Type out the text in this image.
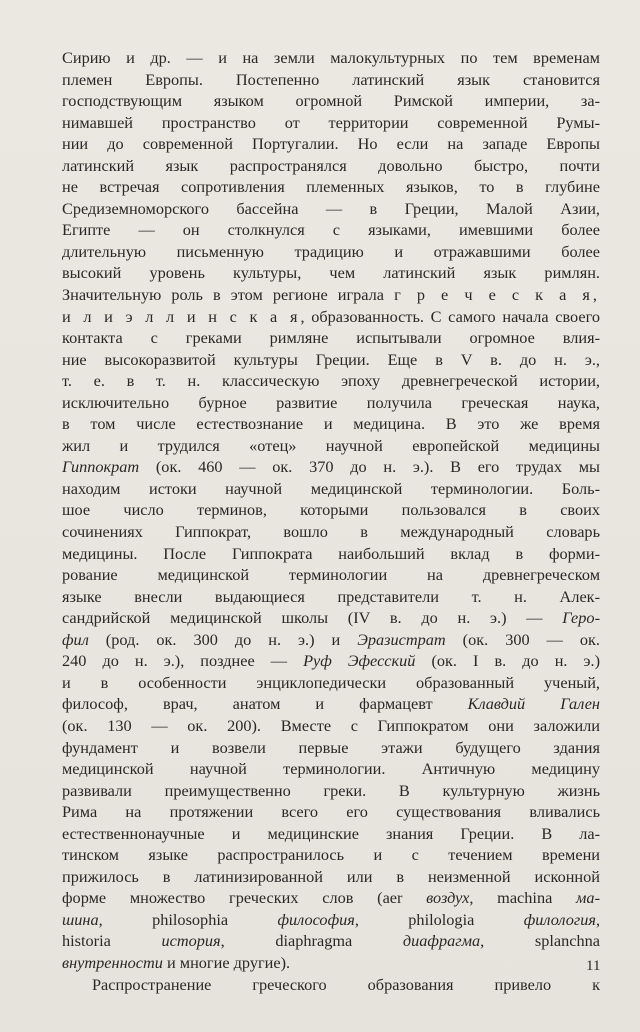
Сирию и др. — и на земли малокультурных по тем временам
племен Европы. Постепенно латинский язык становится
господствующим языком огромной Римской империи, за-
нимавшей пространство от территории современной Румы-
нии до современной Португалии. Но если на западе Европы
латинский язык распространялся довольно быстро, почти
не встречая сопротивления племенных языков, то в глубине
Средиземноморского бассейна — в Греции, Малой Азии,
Египте — он столкнулся с языками, имевшими более
длительную письменную традицию и отражавшими более
высокий уровень культуры, чем латинский язык римлян.
Значительную роль в этом регионе играла г р е ч е с к а я,
и л и э л л и н с к а я, образованность. С самого начала своего
контакта с греками римляне испытывали огромное влия-
ние высокоразвитой культуры Греции. Еще в V в. до н. э.,
т. е. в т. н. классическую эпоху древнегреческой истории,
исключительно бурное развитие получила греческая наука,
в том числе естествознание и медицина. В это же время
жил и трудился «отец» научной европейской медицины
Гиппократ (ок. 460 — ок. 370 до н. э.). В его трудах мы
находим истоки научной медицинской терминологии. Боль-
шое число терминов, которыми пользовался в своих
сочинениях Гиппократ, вошло в международный словарь
медицины. После Гиппократа наибольший вклад в форми-
рование медицинской терминологии на древнегреческом
языке внесли выдающиеся представители т. н. Алек-
сандрийской медицинской школы (IV в. до н. э.) — Геро-
фил (род. ок. 300 до н. э.) и Эразистрат (ок. 300 — ок.
240 до н. э.), позднее — Руф Эфесский (ок. I в. до н. э.)
и в особенности энциклопедически образованный ученый,
философ, врач, анатом и фармацевт Клавдий Гален
(ок. 130 — ок. 200). Вместе с Гиппократом они заложили
фундамент и возвели первые этажи будущего здания
медицинской научной терминологии. Античную медицину
развивали преимущественно греки. В культурную жизнь
Рима на протяжении всего его существования вливались
естественнонаучные и медицинские знания Греции. В ла-
тинском языке распространилось и с течением времени
прижилось в латинизированной или в неизменной исконной
форме множество греческих слов (aer воздух, machina ма-
шина, philosophia философия, philologia филология,
historia история, diaphragma диафрагма, splanchna
внутренности и многие другие).
Распространение греческого образования привело к
11
